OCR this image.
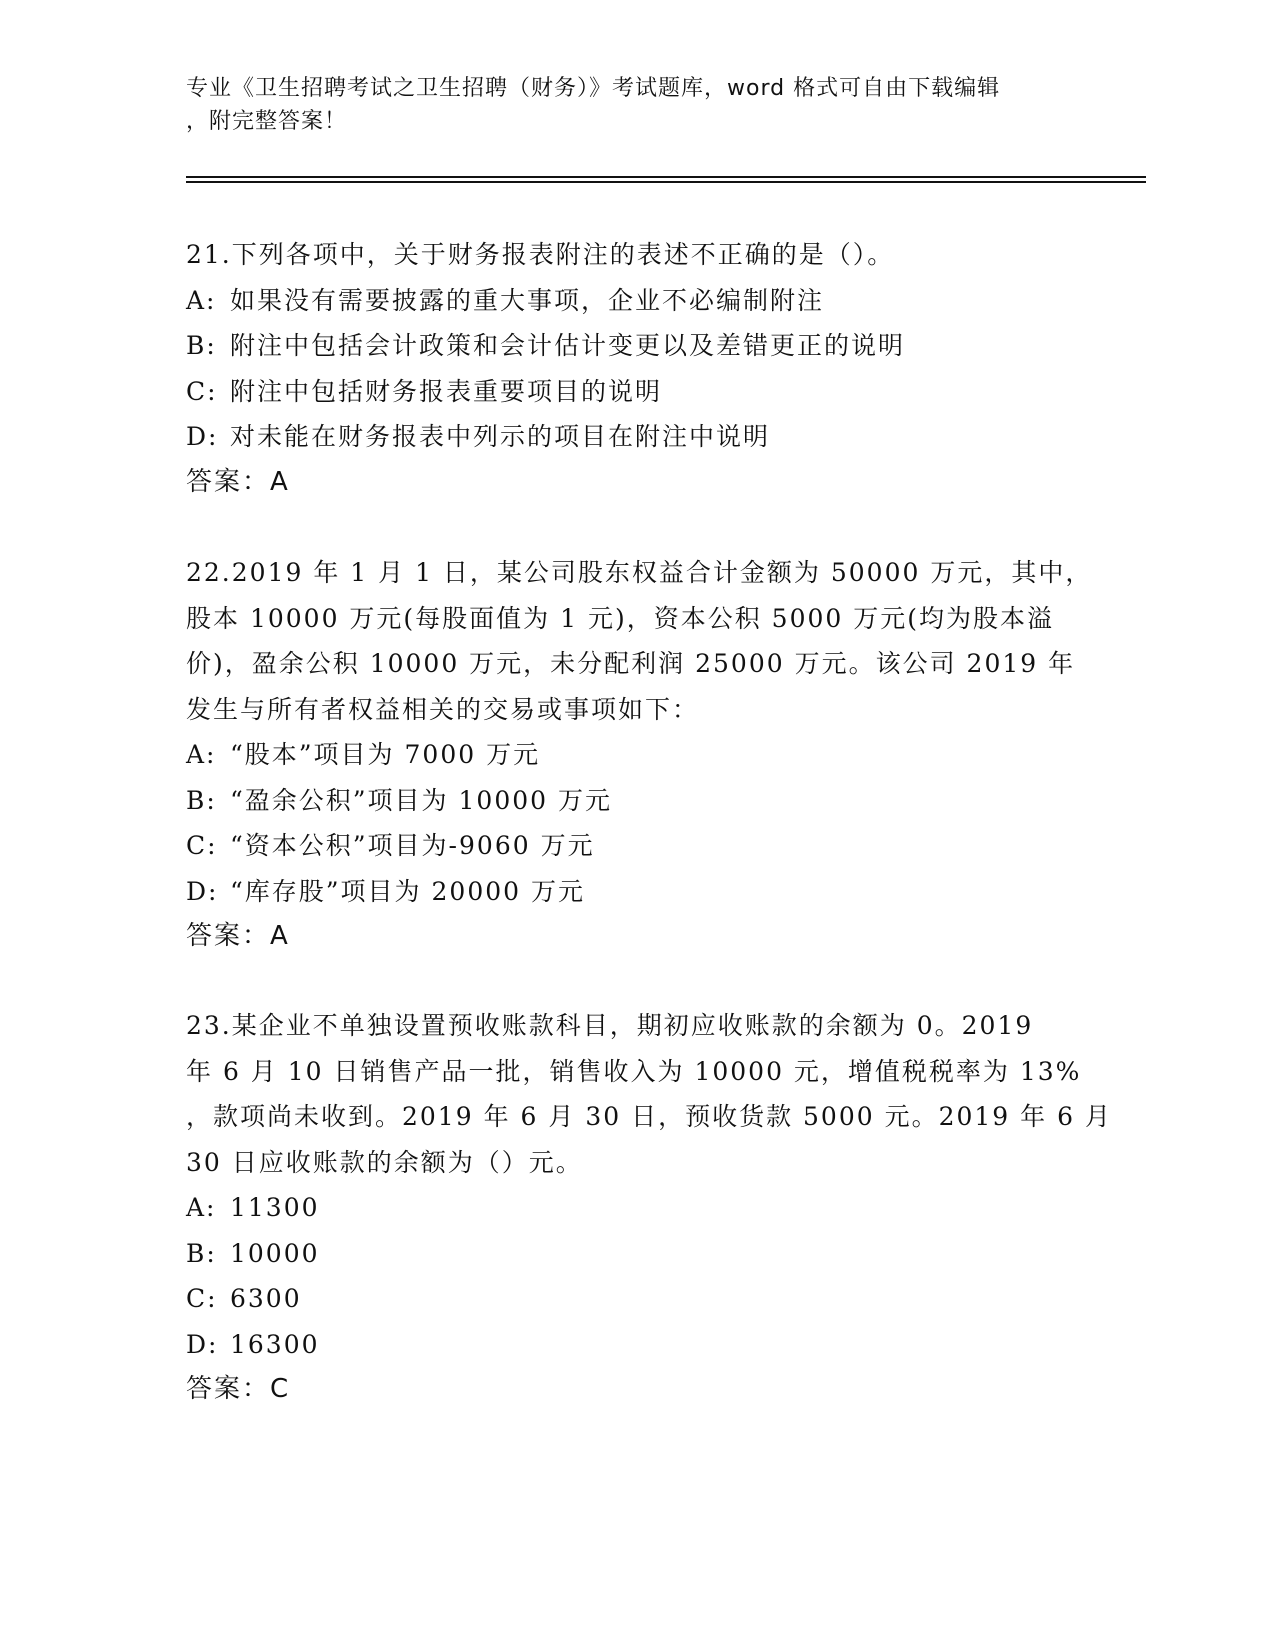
专业《卫生招聘考试之卫生招聘（财务）》考试题库，word 格式可自由下载编辑
，附完整答案！
21.下列各项中，关于财务报表附注的表述不正确的是（）。
A: 如果没有需要披露的重大事项，企业不必编制附注
B: 附注中包括会计政策和会计估计变更以及差错更正的说明
C: 附注中包括财务报表重要项目的说明
D: 对未能在财务报表中列示的项目在附注中说明
答案：A
22.2019 年 1 月 1 日，某公司股东权益合计金额为 50000 万元，其中，
股本 10000 万元(每股面值为 1 元)，资本公积 5000 万元(均为股本溢
价)，盈余公积 10000 万元，未分配利润 25000 万元。该公司 2019 年
发生与所有者权益相关的交易或事项如下：
A: “股本”项目为 7000 万元
B: “盈余公积”项目为 10000 万元
C: “资本公积”项目为-9060 万元
D: “库存股”项目为 20000 万元
答案：A
23.某企业不单独设置预收账款科目，期初应收账款的余额为 0。2019
年 6 月 10 日销售产品一批，销售收入为 10000 元，增值税税率为 13%
，款项尚未收到。2019 年 6 月 30 日，预收货款 5000 元。2019 年 6 月
30 日应收账款的余额为（）元。
A: 11300
B: 10000
C: 6300
D: 16300
答案：C
